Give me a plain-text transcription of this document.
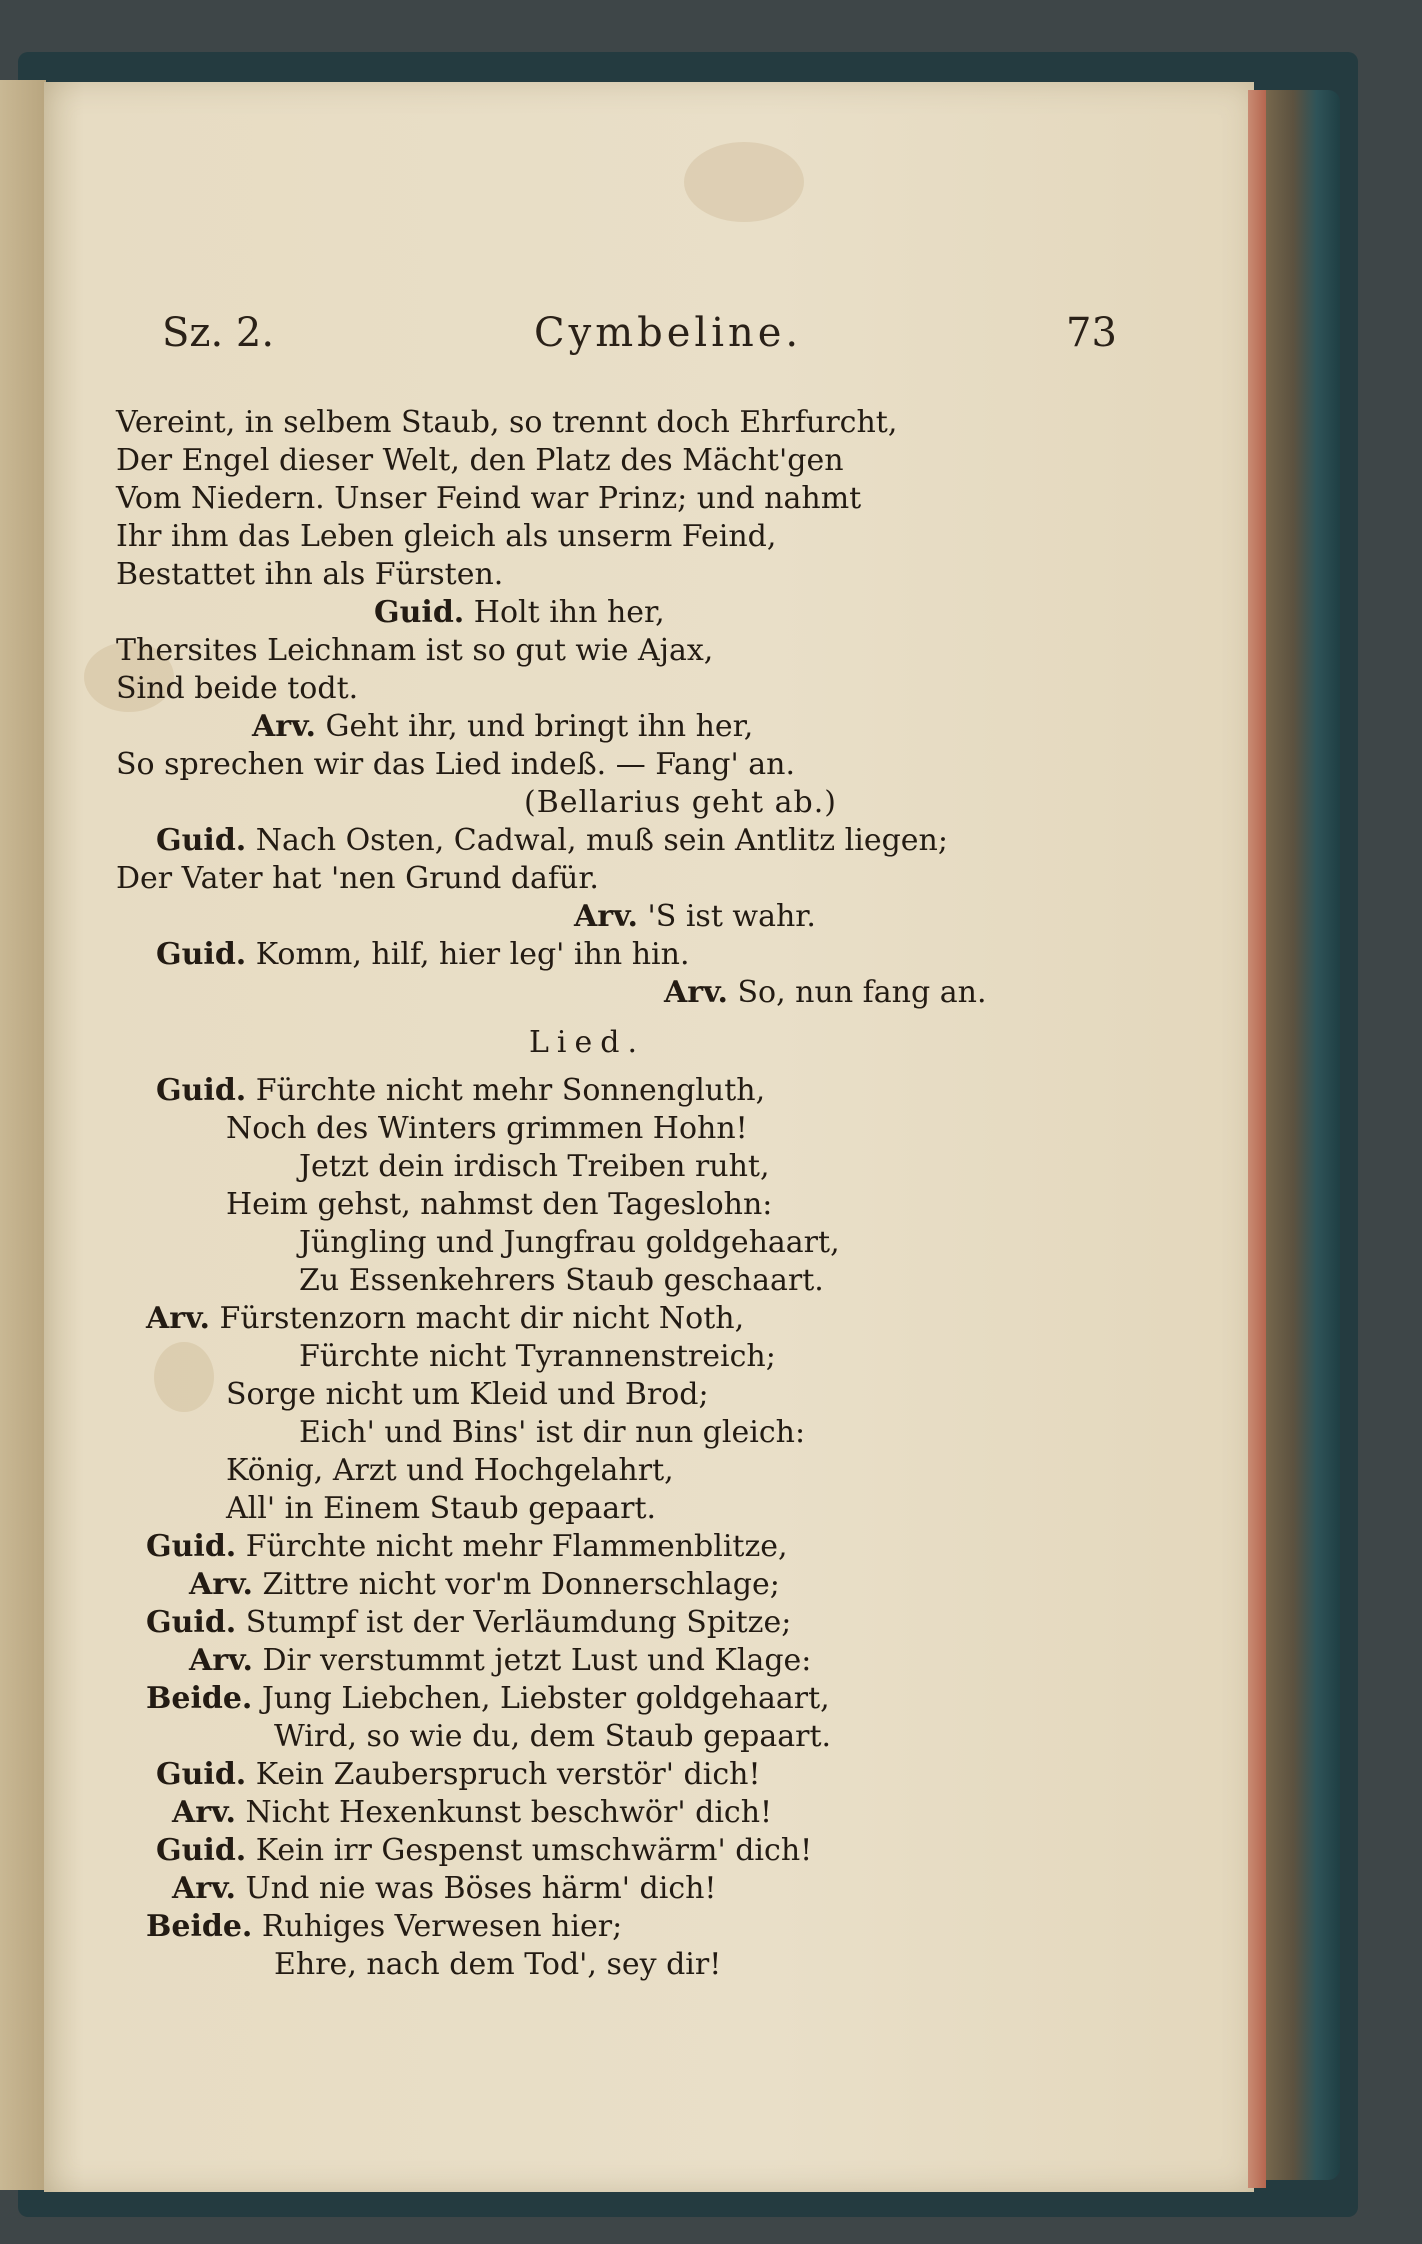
Sz. 2.	Cymbeline.	73
Vereint, in selbem Staub, so trennt doch Ehrfurcht,
Der Engel dieser Welt, den Platz des Mächt'gen
Vom Niedern. Unser Feind war Prinz; und nahmt
Ihr ihm das Leben gleich als unserm Feind,
Bestattet ihn als Fürsten.
Guid. Holt ihn her,
Thersites Leichnam ist so gut wie Ajax,
Sind beide todt.
Arv. Geht ihr, und bringt ihn her,
So sprechen wir das Lied indeß. — Fang' an.
(Bellarius geht ab.)
Guid. Nach Osten, Cadwal, muß sein Antlitz liegen;
Der Vater hat 'nen Grund dafür.
Arv. 'S ist wahr.
Guid. Komm, hilf, hier leg' ihn hin.
Arv. So, nun fang an.
Lied.
Guid. Fürchte nicht mehr Sonnengluth,
Noch des Winters grimmen Hohn!
Jetzt dein irdisch Treiben ruht,
Heim gehst, nahmst den Tageslohn:
Jüngling und Jungfrau goldgehaart,
Zu Essenkehrers Staub geschaart.
Arv. Fürstenzorn macht dir nicht Noth,
Fürchte nicht Tyrannenstreich;
Sorge nicht um Kleid und Brod;
Eich' und Bins' ist dir nun gleich:
König, Arzt und Hochgelahrt,
All' in Einem Staub gepaart.
Guid. Fürchte nicht mehr Flammenblitze,
Arv. Zittre nicht vor'm Donnerschlage;
Guid. Stumpf ist der Verläumdung Spitze;
Arv. Dir verstummt jetzt Lust und Klage:
Beide. Jung Liebchen, Liebster goldgehaart,
Wird, so wie du, dem Staub gepaart.
Guid. Kein Zauberspruch verstör' dich!
Arv. Nicht Hexenkunst beschwör' dich!
Guid. Kein irr Gespenst umschwärm' dich!
Arv. Und nie was Böses härm' dich!
Beide. Ruhiges Verwesen hier;
Ehre, nach dem Tod', sey dir!
